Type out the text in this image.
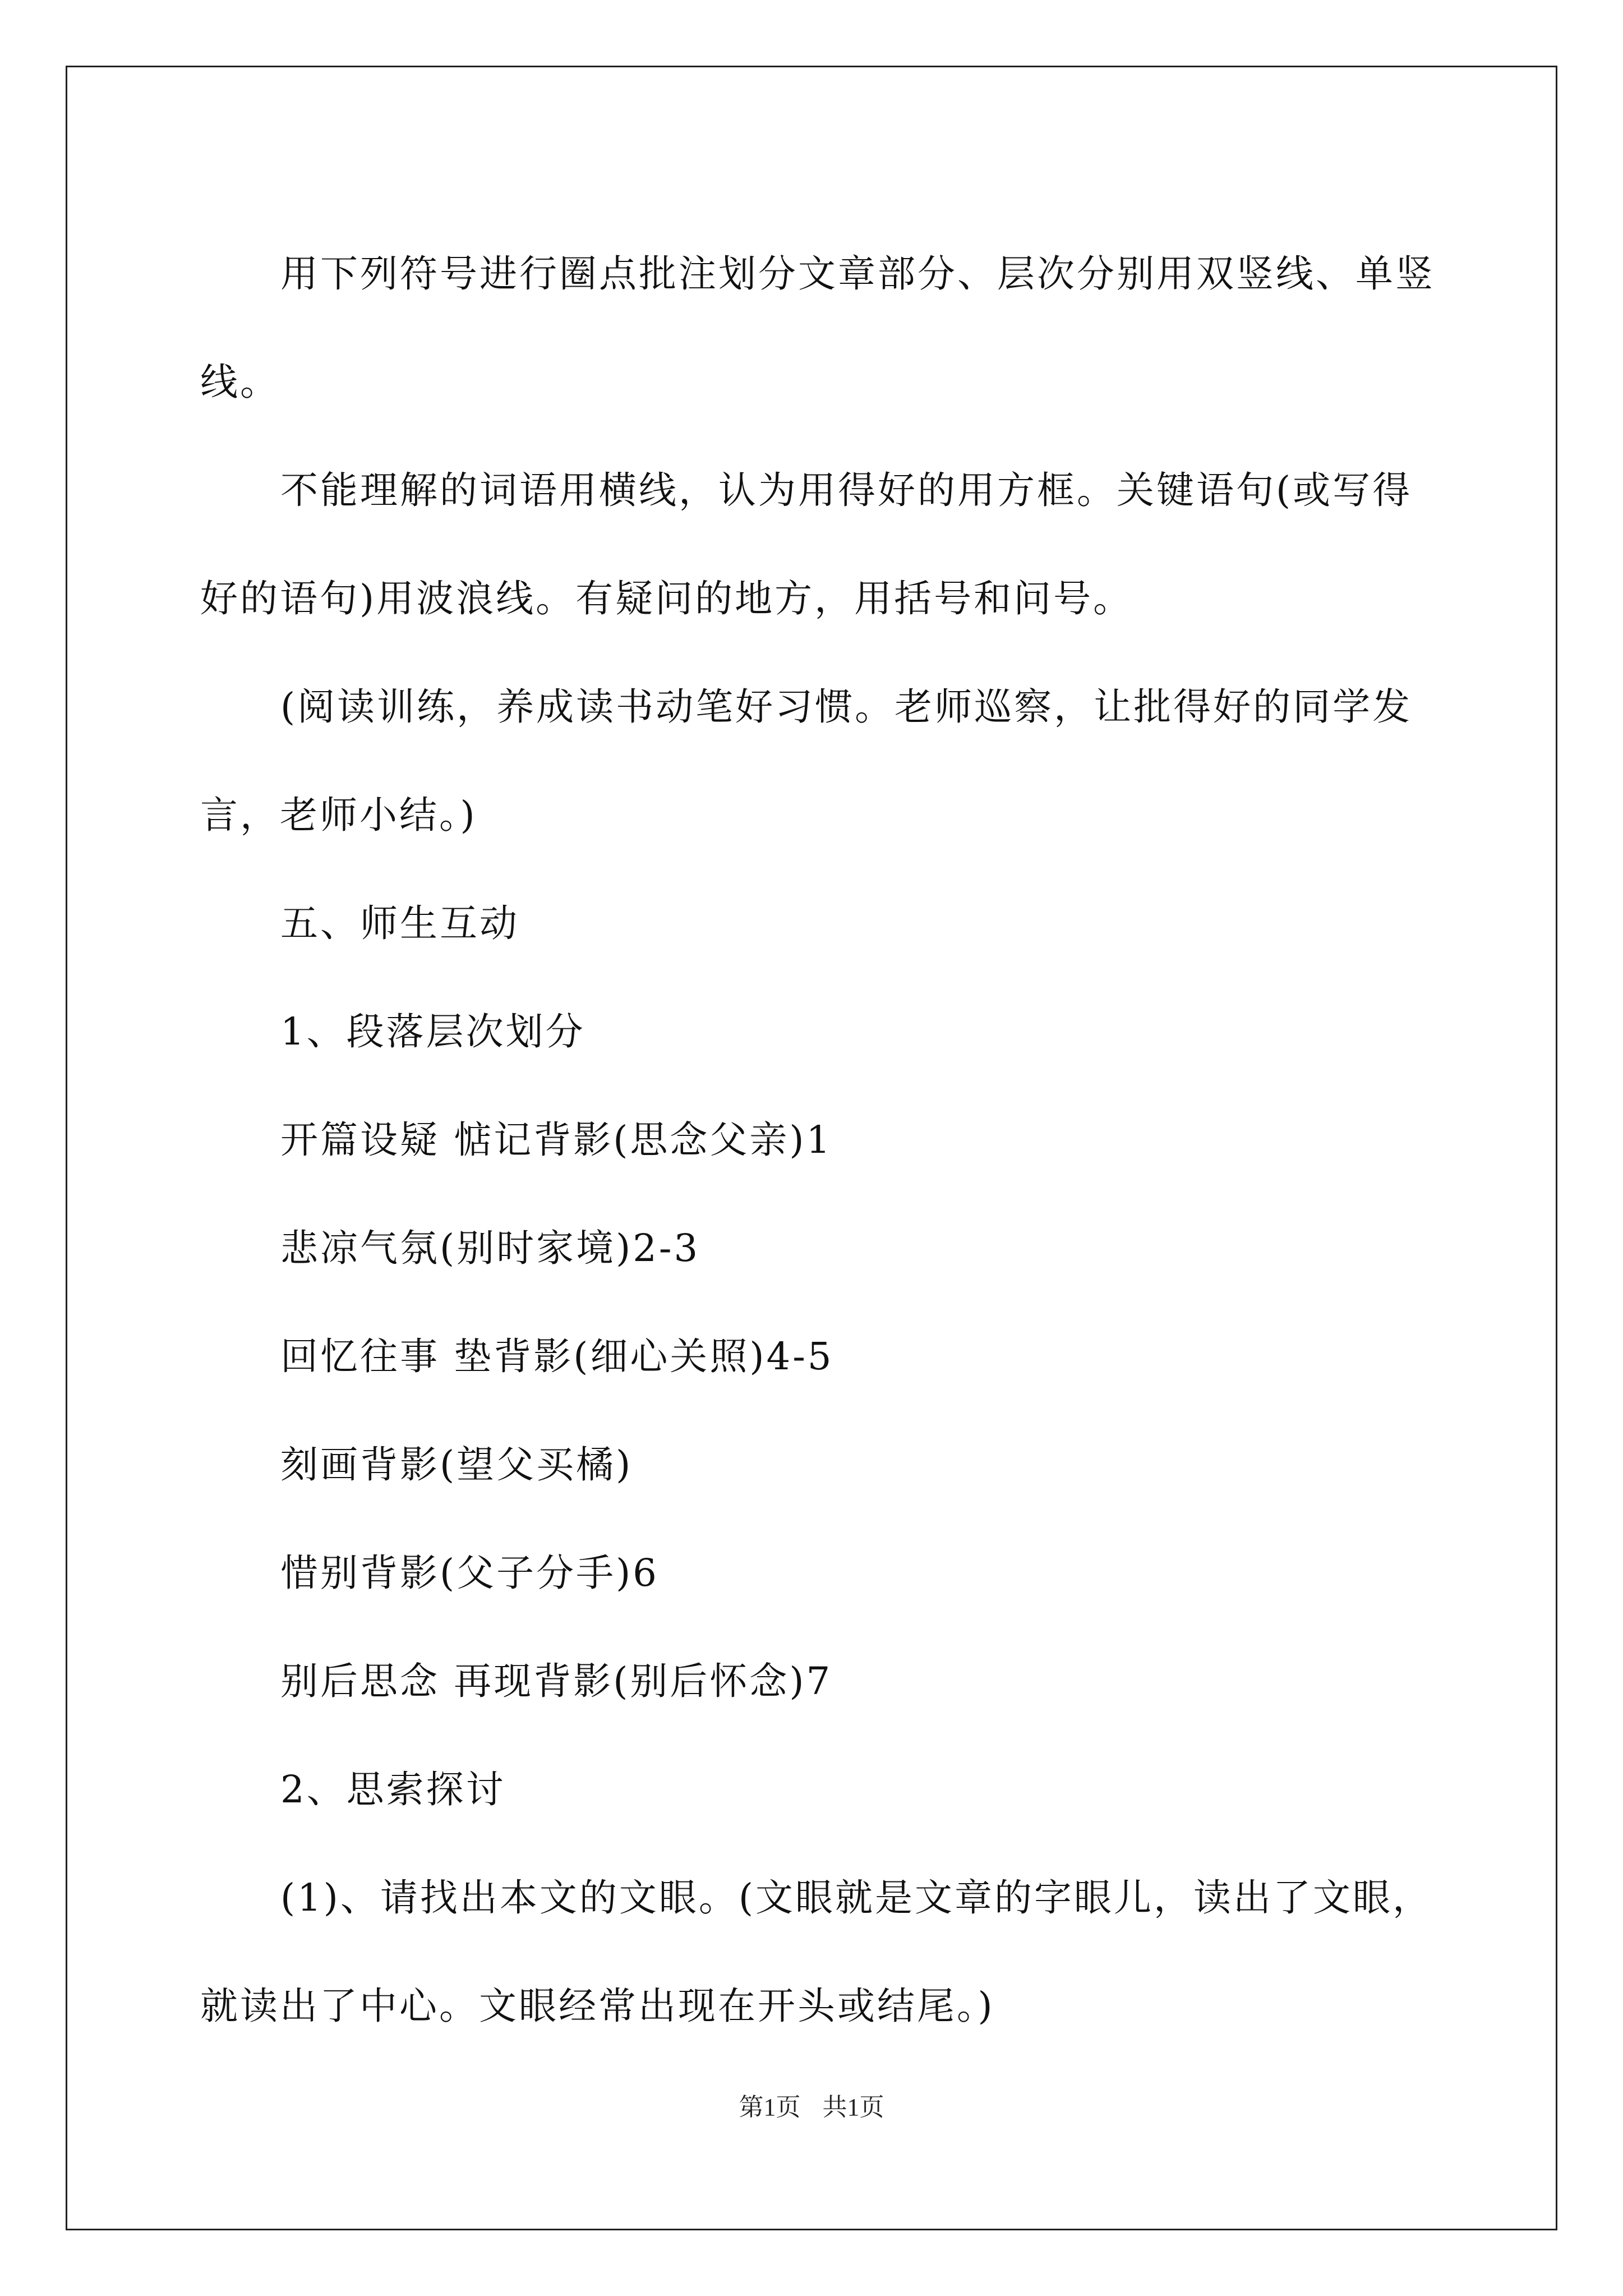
用下列符号进行圈点批注划分文章部分、层次分别用双竖线、单竖线。

不能理解的词语用横线，认为用得好的用方框。关键语句(或写得好的语句)用波浪线。有疑问的地方，用括号和问号。

(阅读训练，养成读书动笔好习惯。老师巡察，让批得好的同学发言，老师小结。)

五、师生互动

1、段落层次划分

开篇设疑 惦记背影(思念父亲)1

悲凉气氛(别时家境)2-3

回忆往事 垫背影(细心关照)4-5

刻画背影(望父买橘)

惜别背影(父子分手)6

别后思念 再现背影(别后怀念)7

2、思索探讨

(1)、请找出本文的文眼。(文眼就是文章的字眼儿，读出了文眼，就读出了中心。文眼经常出现在开头或结尾。)

第1页 共1页
